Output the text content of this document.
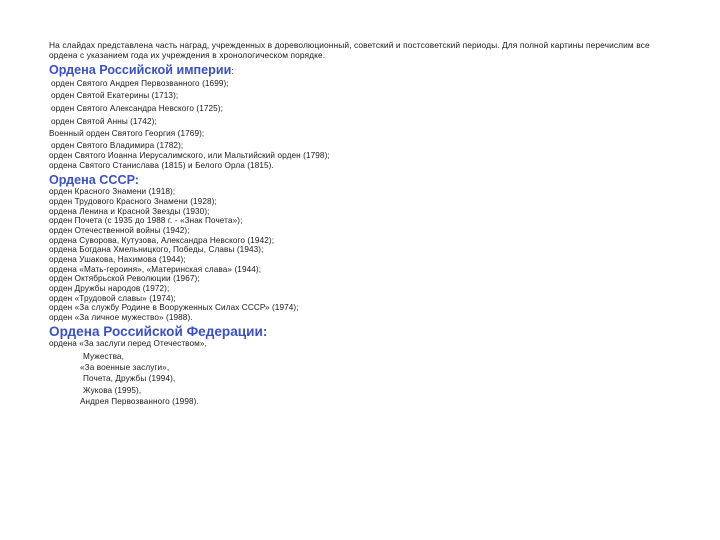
На слайдах представлена часть наград, учрежденных в дореволюционный, советский и постсоветский периоды. Для полной картины перечислим все ордена с указанием года их учреждения в хронологическом порядке.

Ордена Российской империи:
орден Святого Андрея Первозванного (1699);
орден Святой Екатерины (1713);
орден Святого Александра Невского (1725);
орден Святой Анны (1742);
Военный орден Святого Георгия (1769);
орден Святого Владимира (1782);
орден Святого Иоанна Иерусалимского, или Мальтийский орден (1798);
ордена Святого Станислава (1815) и Белого Орла (1815).
Ордена СССР:
орден Красного Знамени (1918);
орден Трудового Красного Знамени (1928);
ордена Ленина и Красной Звезды (1930);
орден Почета (с 1935 до 1988 г. - «Знак Почета»);
орден Отечественной войны (1942);
ордена Суворова, Кутузова, Александра Невского (1942);
ордена Богдана Хмельницкого, Победы, Славы (1943);
ордена Ушакова, Нахимова (1944);
ордена «Мать-героиня», «Материнская слава» (1944);
орден Октябрьской Революции (1967);
орден Дружбы народов (1972);
орден «Трудовой славы» (1974);
орден «За службу Родине в Вооруженных Силах СССР» (1974);
орден «За личное мужество» (1988).
Ордена Российской Федерации:
ордена «За заслуги перед Отечеством»,
Мужества,
«За военные заслуги»,
Почета, Дружбы (1994),
Жукова (1995),
Андрея Первозванного (1998).
